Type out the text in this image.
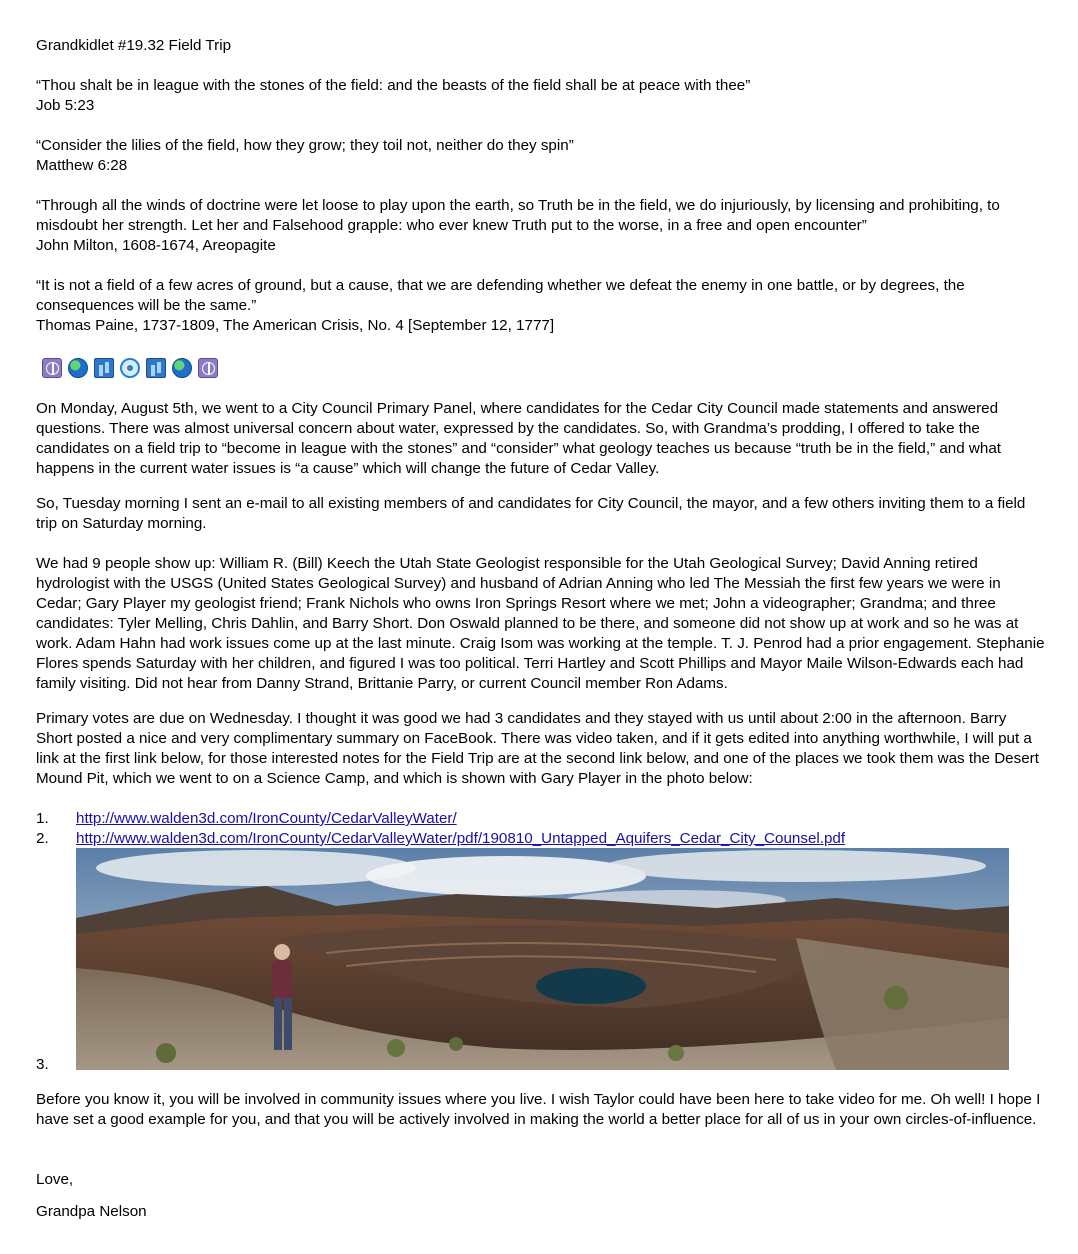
Grandkidlet #19.32 Field Trip

“Thou shalt be in league with the stones of the field: and the beasts of the field shall be at peace with thee”

Job 5:23

“Consider the lilies of the field, how they grow; they toil not, neither do they spin”

Matthew 6:28

“Through all the winds of doctrine were let loose to play upon the earth, so Truth be in the field, we do injuriously, by licensing and prohibiting, to misdoubt her strength. Let her and Falsehood grapple: who ever knew Truth put to the worse, in a free and open encounter”

John Milton, 1608-1674, Areopagite

“It is not a field of a few acres of ground, but a cause, that we are defending whether we defeat the enemy in one battle, or by degrees, the consequences will be the same.”

Thomas Paine, 1737-1809, The American Crisis, No. 4 [September 12, 1777]

On Monday, August 5th, we went to a City Council Primary Panel, where candidates for the Cedar City Council made statements and answered questions. There was almost universal concern about water, expressed by the candidates. So, with Grandma’s prodding, I offered to take the candidates on a field trip to “become in league with the stones” and “consider” what geology teaches us because “truth be in the field,” and what happens in the current water issues is “a cause” which will change the future of Cedar Valley.
So, Tuesday morning I sent an e-mail to all existing members of and candidates for City Council, the mayor, and a few others inviting them to a field trip on Saturday morning.
We had 9 people show up: William R. (Bill) Keech the Utah State Geologist responsible for the Utah Geological Survey; David Anning retired hydrologist with the USGS (United States Geological Survey) and husband of Adrian Anning who led The Messiah the first few years we were in Cedar; Gary Player my geologist friend; Frank Nichols who owns Iron Springs Resort where we met; John a videographer; Grandma; and three candidates: Tyler Melling, Chris Dahlin, and Barry Short. Don Oswald planned to be there, and someone did not show up at work and so he was at work. Adam Hahn had work issues come up at the last minute. Craig Isom was working at the temple. T. J. Penrod had a prior engagement. Stephanie Flores spends Saturday with her children, and figured I was too political. Terri Hartley and Scott Phillips and Mayor Maile Wilson-Edwards each had family visiting. Did not hear from Danny Strand, Brittanie Parry, or current Council member Ron Adams.
Primary votes are due on Wednesday. I thought it was good we had 3 candidates and they stayed with us until about 2:00 in the afternoon. Barry Short posted a nice and very complimentary summary on FaceBook. There was video taken, and if it gets edited into anything worthwhile, I will put a link at the first link below, for those interested notes for the Field Trip are at the second link below, and one of the places we took them was the Desert Mound Pit, which we went to on a Science Camp, and which is shown with Gary Player in the photo below:
1. http://www.walden3d.com/IronCounty/CedarValleyWater/
2. http://www.walden3d.com/IronCounty/CedarValleyWater/pdf/190810_Untapped_Aquifers_Cedar_City_Counsel.pdf
3.
Before you know it, you will be involved in community issues where you live. I wish Taylor could have been here to take video for me. Oh well! I hope I have set a good example for you, and that you will be actively involved in making the world a better place for all of us in your own circles-of-influence.
Love,
Grandpa Nelson
